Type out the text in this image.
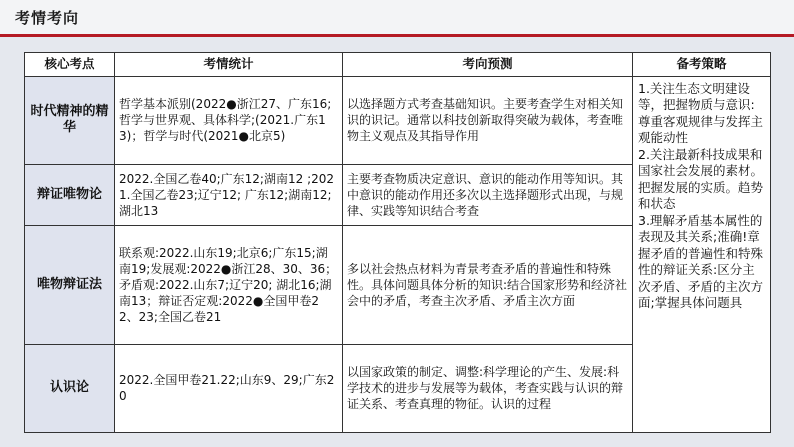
考情考向
核心考点	考情统计	考向预测	备考策略
时代精神的精华	哲学基本派别(2022●浙江27、广东16;哲学与世界观、具体科学;(2021.广东13)；哲学与时代(2021●北京5)	以选择题方式考查基础知识。主要考查学生对相关知识的识记。通常以科技创新取得突破为载体，考查唯物主义观点及其指导作用	1.关注生态文明建设等，把握物质与意识:尊重客观规律与发挥主观能动性
2.关注最新科技成果和国家社会发展的素材。把握发展的实质。趋势和状态
3.理解矛盾基本属性的表现及其关系;准确!章握矛盾的普遍性和特殊性的辩证关系:区分主次矛盾、矛盾的主次方面;掌握具体问题具
辩证唯物论	2022.全国乙卷40;广东12;湖南12 ;2021.全国乙卷23;辽宁12; 广东12;湖南12;湖北13	主要考查物质决定意识、意识的能动作用等知识。其中意识的能动作用还多次以主选择题形式出现，与规律、实践等知识结合考查	
唯物辩证法	联系观:2022.山东19;北京6;广东15;湖南19;发展观:2022●浙江28、30、36；矛盾观:2022.山东7;辽宁20; 湖北16;湖南13；辩证否定观:2022●全国甲卷22、23;全国乙卷21	多以社会热点材料为青景考查矛盾的普遍性和特殊性。具体问题具体分析的知识:结合国家形势和经济社会中的矛盾，考查主次矛盾、矛盾主次方面	
认识论	2022.全国甲卷21.22;山东9、29;广东20	以国家政策的制定、调整:科学理论的产生、发展:科学技术的进步与发展等为载体，考查实践与认识的辩证关系、考查真理的物征。认识的过程	
